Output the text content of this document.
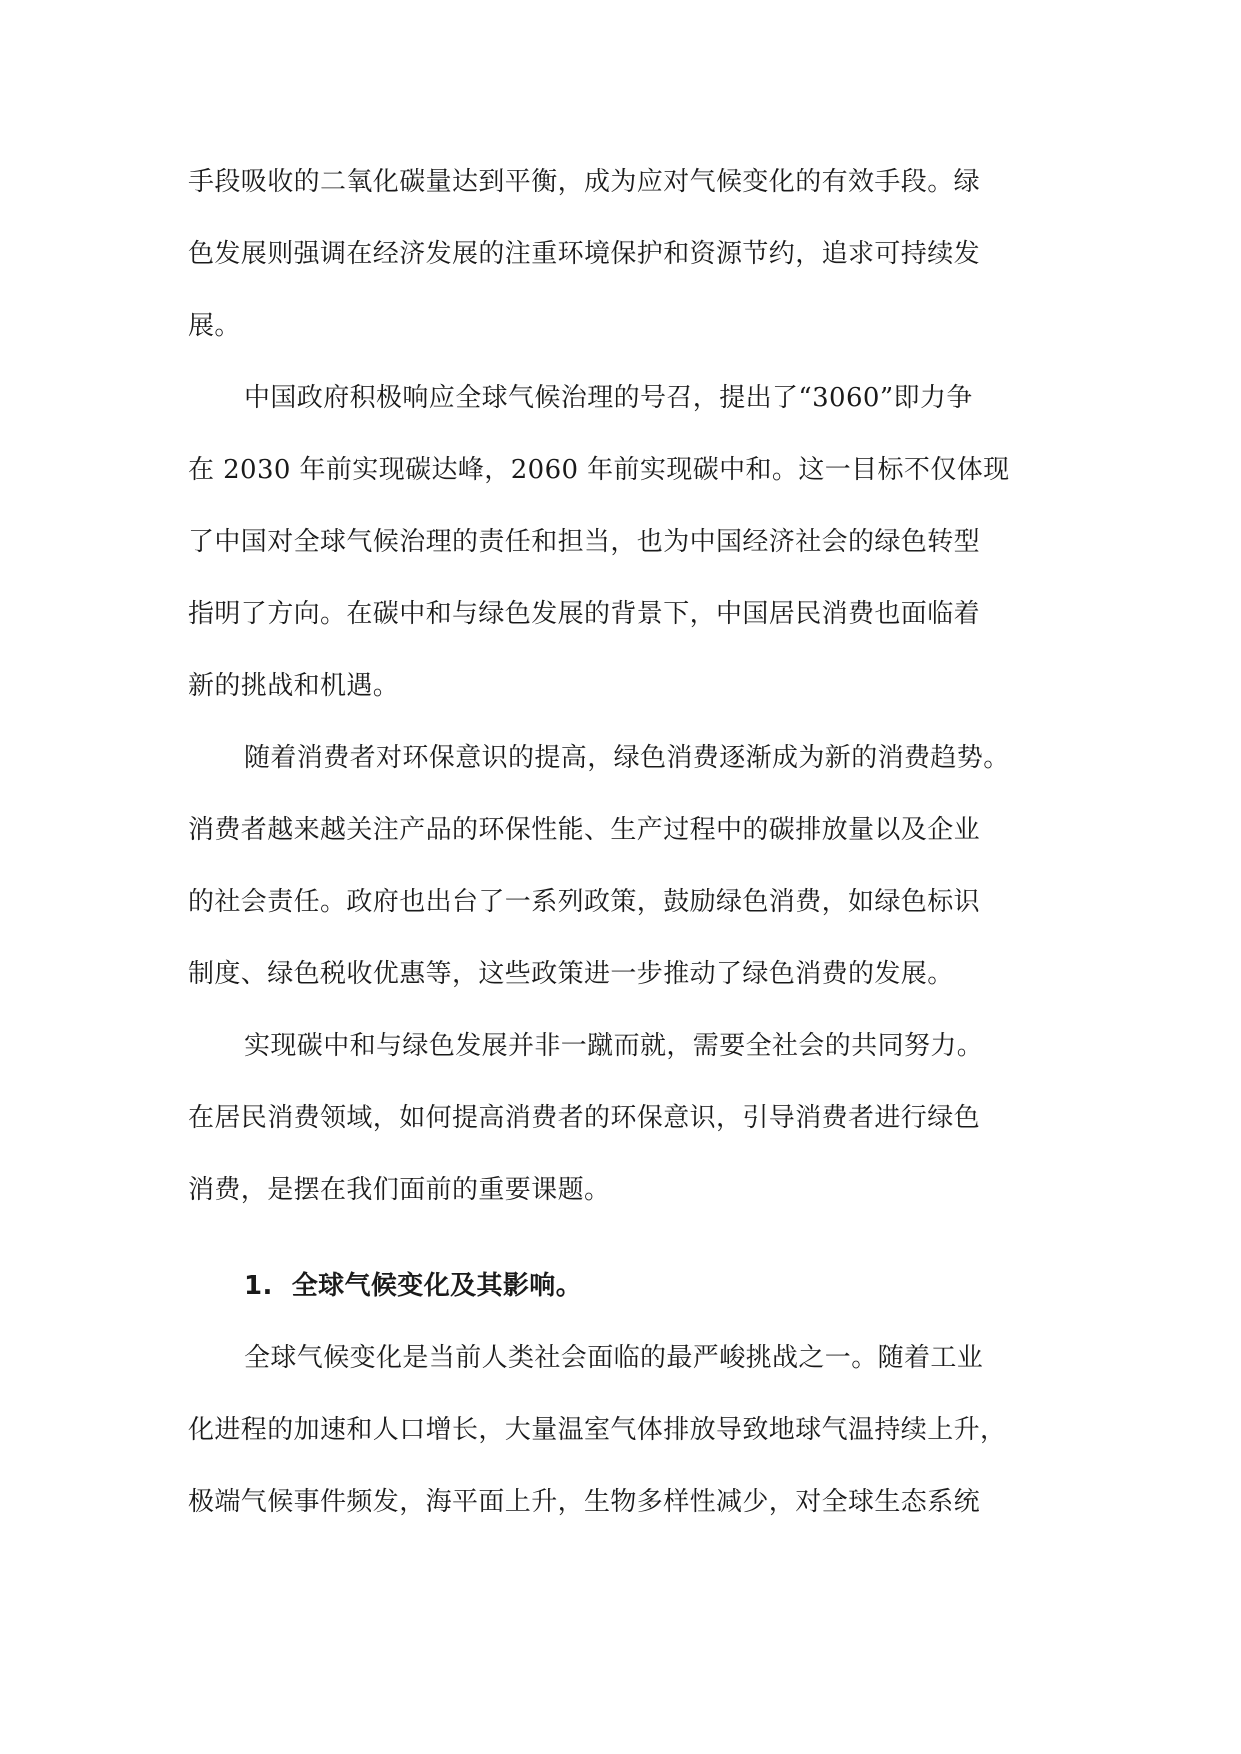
手段吸收的二氧化碳量达到平衡，成为应对气候变化的有效手段。绿
色发展则强调在经济发展的注重环境保护和资源节约，追求可持续发
展。
中国政府积极响应全球气候治理的号召，提出了“3060”即力争
在 2030 年前实现碳达峰，2060 年前实现碳中和。这一目标不仅体现
了中国对全球气候治理的责任和担当，也为中国经济社会的绿色转型
指明了方向。在碳中和与绿色发展的背景下，中国居民消费也面临着
新的挑战和机遇。
随着消费者对环保意识的提高，绿色消费逐渐成为新的消费趋势。
消费者越来越关注产品的环保性能、生产过程中的碳排放量以及企业
的社会责任。政府也出台了一系列政策，鼓励绿色消费，如绿色标识
制度、绿色税收优惠等，这些政策进一步推动了绿色消费的发展。
实现碳中和与绿色发展并非一蹴而就，需要全社会的共同努力。
在居民消费领域，如何提高消费者的环保意识，引导消费者进行绿色
消费，是摆在我们面前的重要课题。
1. 全球气候变化及其影响。
全球气候变化是当前人类社会面临的最严峻挑战之一。随着工业
化进程的加速和人口增长，大量温室气体排放导致地球气温持续上升，
极端气候事件频发，海平面上升，生物多样性减少，对全球生态系统
